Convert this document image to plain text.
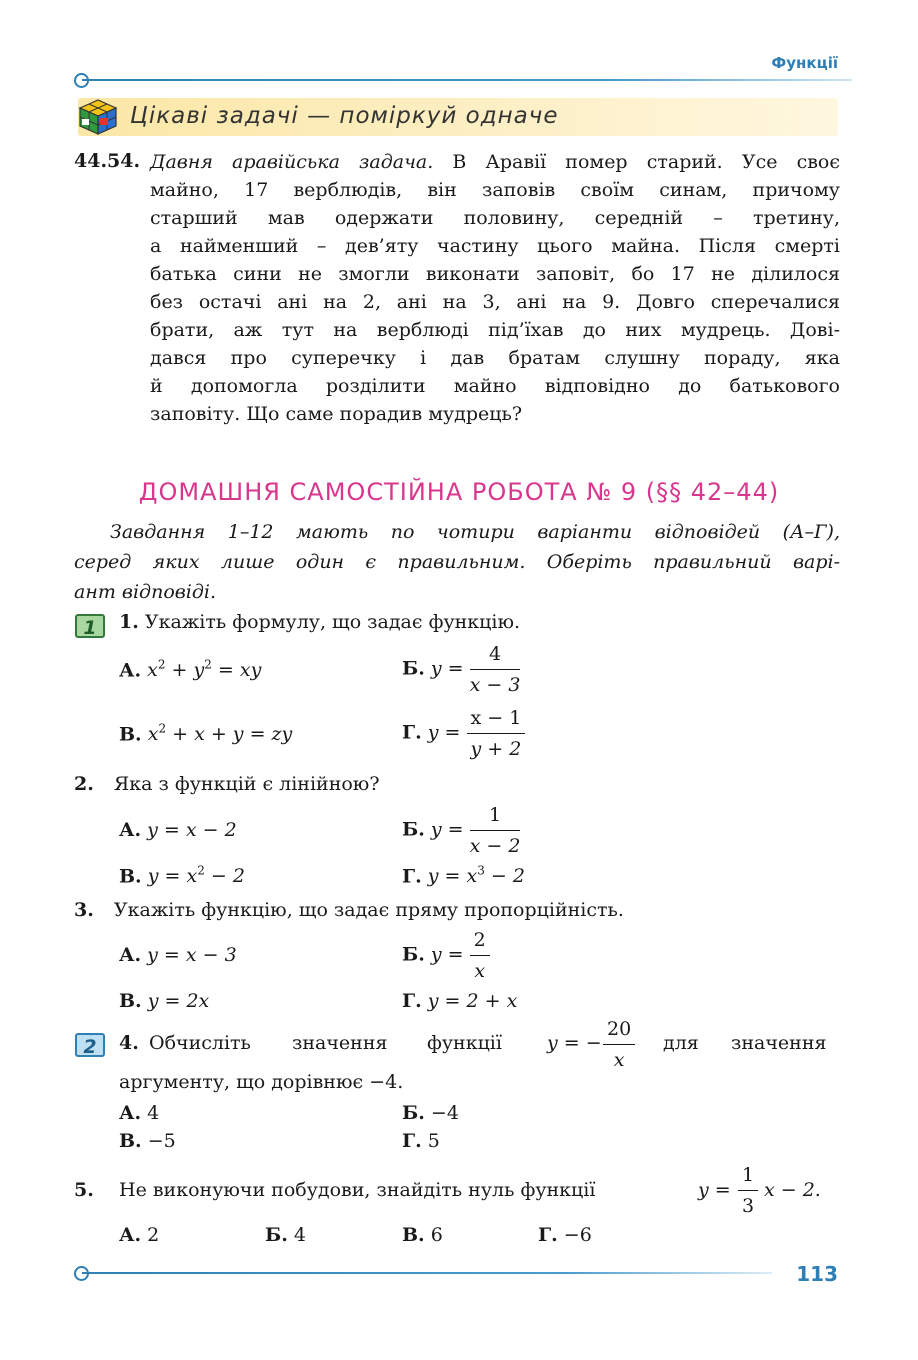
Функції
Цікаві задачі — поміркуй одначе
44.54. Давня аравійська задача. В Аравії помер старий. Усе своє
майно, 17 верблюдів, він заповів своїм синам, причому
старший мав одержати половину, середній – третину,
а найменший – дев’яту частину цього майна. Після смерті
батька сини не змогли виконати заповіт, бо 17 не ділилося
без остачі ані на 2, ані на 3, ані на 9. Довго сперечалися
брати, аж тут на верблюді під’їхав до них мудрець. Дові-
дався про суперечку і дав братам слушну пораду, яка
й допомогла розділити майно відповідно до батькового
заповіту. Що саме порадив мудрець?
ДОМАШНЯ САМОСТІЙНА РОБОТА № 9 (§§ 42–44)
Завдання 1–12 мають по чотири варіанти відповідей (А–Г),
серед яких лише один є правильним. Оберіть правильний варі-
ант відповіді.
1
2
1. Укажіть формулу, що задає функцію.
А. $x^2 + y^2$ = xy	Б. $y = \frac{4}{x - 3}$
В. $x^2 + x + y$ = zy	Г. $y = \frac{x - 1}{y + 2}$
2. Яка з функцій є лінійною?
А. y = x − 2	Б. $y = \frac{1}{x - 2}$
В. $y = x^2 - 2$	Г. $y = x^3 - 2$
3. Укажіть функцію, що задає пряму пропорційність.
А. y = x − 3	Б. $y = \frac{2}{x}$
В. y = 2x	Г. y = 2 + x
4. Обчисліть значення функції y = − $\frac{20}{x}$ для значення
аргументу, що дорівнює −4.
А. 4	Б. −4
В. −5	Г. 5
5. Не виконуючи побудови, знайдіть нуль функції	$y = \frac{1}{3}$ x − 2.
А. 2	Б. 4	В. 6	Г. −6
113
